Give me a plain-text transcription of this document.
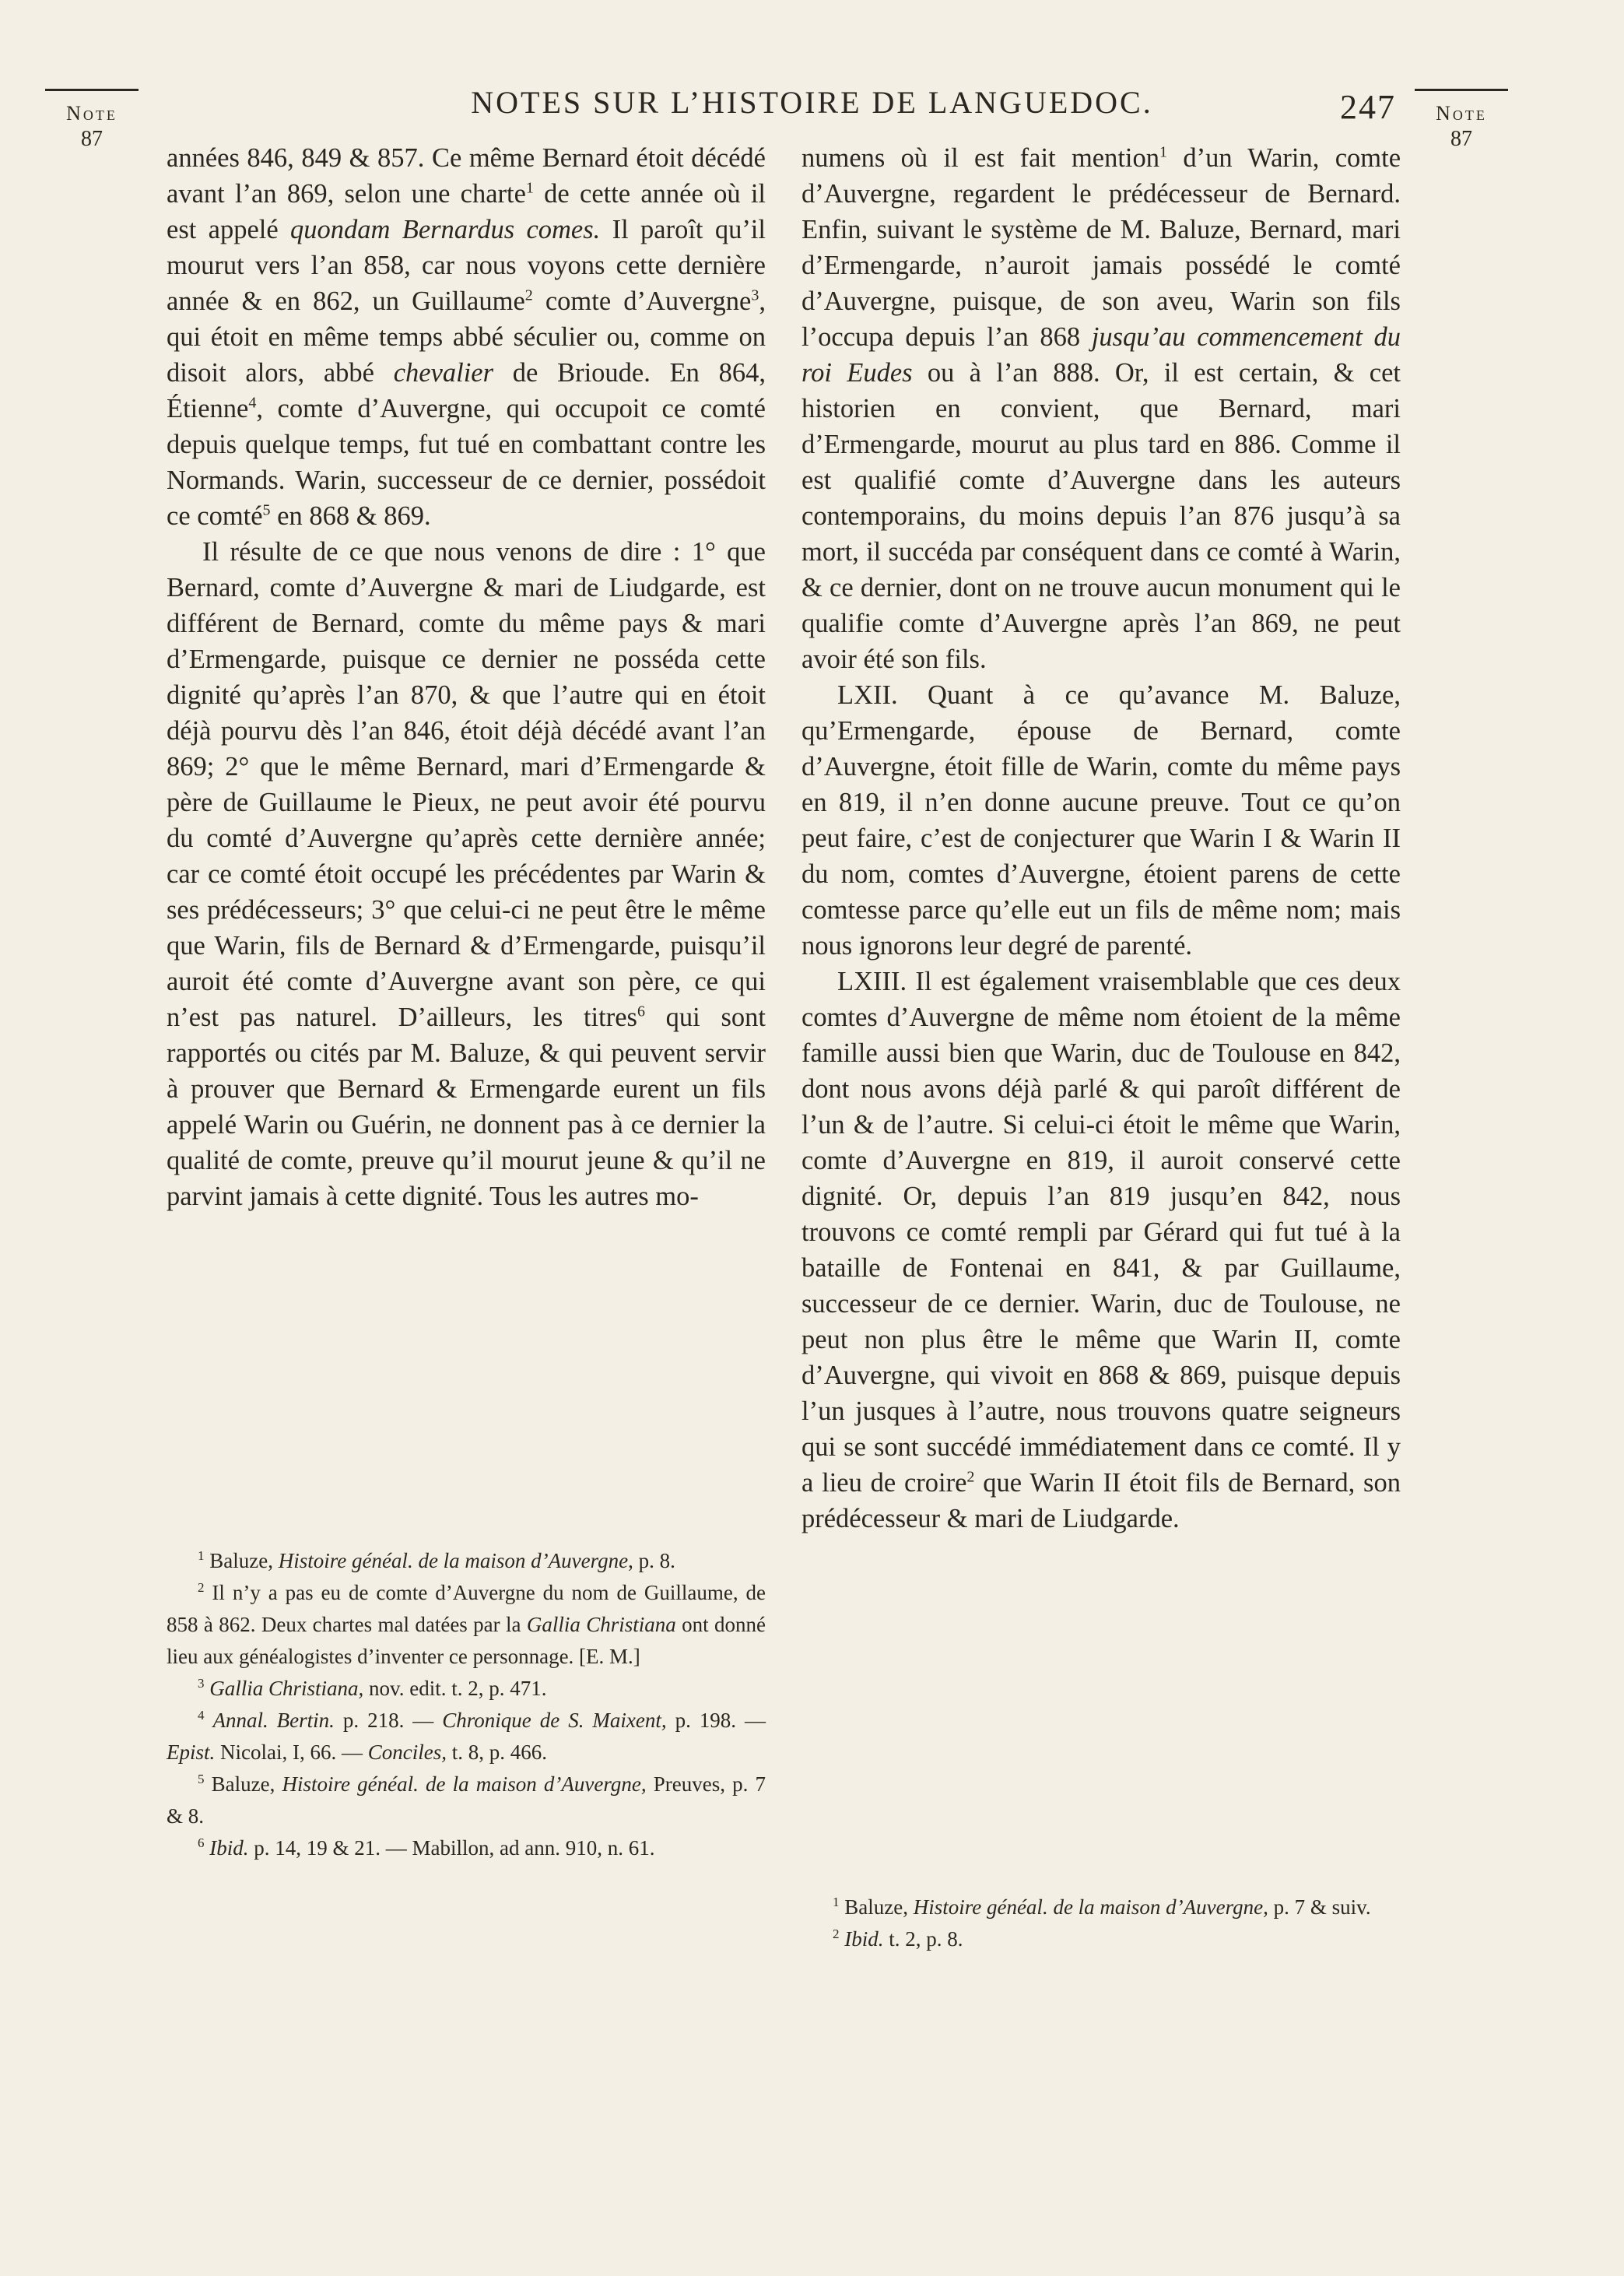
Note
87
NOTES SUR L’HISTOIRE DE LANGUEDOC.	247	Note
87

années 846, 849 & 857. Ce même Bernard étoit décédé avant l’an 869, selon une charte$^1$ de cette année où il est appelé quondam Bernardus comes. Il paroît qu’il mourut vers l’an 858, car nous voyons cette dernière année & en 862, un Guillaume$^2$ comte d’Auvergne$^3$, qui étoit en même temps abbé séculier ou, comme on disoit alors, abbé chevalier de Brioude. En 864, Étienne$^4$, comte d’Auvergne, qui occupoit ce comté depuis quelque temps, fut tué en combattant contre les Normands. Warin, successeur de ce dernier, possédoit ce comté$^5$ en 868 & 869.

Il résulte de ce que nous venons de dire : 1° que Bernard, comte d’Auvergne & mari de Liudgarde, est différent de Bernard, comte du même pays & mari d’Ermengarde, puisque ce dernier ne posséda cette dignité qu’après l’an 870, & que l’autre qui en étoit déjà pourvu dès l’an 846, étoit déjà décédé avant l’an 869; 2° que le même Bernard, mari d’Ermengarde & père de Guillaume le Pieux, ne peut avoir été pourvu du comté d’Auvergne qu’après cette dernière année; car ce comté étoit occupé les précédentes par Warin & ses prédécesseurs; 3° que celui-ci ne peut être le même que Warin, fils de Bernard & d’Ermengarde, puisqu’il auroit été comte d’Auvergne avant son père, ce qui n’est pas naturel. D’ailleurs, les titres$^6$ qui sont rapportés ou cités par M. Baluze, & qui peuvent servir à prouver que Bernard & Ermengarde eurent un fils appelé Warin ou Guérin, ne donnent pas à ce dernier la qualité de comte, preuve qu’il mourut jeune & qu’il ne parvint jamais à cette dignité. Tous les autres mo-

$^1$ Baluze, Histoire généal. de la maison d’Auvergne, p. 8.

$^2$ Il n’y a pas eu de comte d’Auvergne du nom de Guillaume, de 858 à 862. Deux chartes mal datées par la Gallia Christiana ont donné lieu aux généalogistes d’inventer ce personnage. [E. M.]

$^3$ Gallia Christiana, nov. edit. t. 2, p. 471.

$^4$ Annal. Bertin. p. 218. — Chronique de S. Maixent, p. 198. — Epist. Nicolai, I, 66. — Conciles, t. 8, p. 466.

$^5$ Baluze, Histoire généal. de la maison d’Auvergne, Preuves, p. 7 & 8.

$^6$ Ibid. p. 14, 19 & 21. — Mabillon, ad ann. 910, n. 61.

numens où il est fait mention$^1$ d’un Warin, comte d’Auvergne, regardent le prédécesseur de Bernard. Enfin, suivant le système de M. Baluze, Bernard, mari d’Ermengarde, n’auroit jamais possédé le comté d’Auvergne, puisque, de son aveu, Warin son fils l’occupa depuis l’an 868 jusqu’au commencement du roi Eudes ou à l’an 888. Or, il est certain, & cet historien en convient, que Bernard, mari d’Ermengarde, mourut au plus tard en 886. Comme il est qualifié comte d’Auvergne dans les auteurs contemporains, du moins depuis l’an 876 jusqu’à sa mort, il succéda par conséquent dans ce comté à Warin, & ce dernier, dont on ne trouve aucun monument qui le qualifie comte d’Auvergne après l’an 869, ne peut avoir été son fils.

LXII. Quant à ce qu’avance M. Baluze, qu’Ermengarde, épouse de Bernard, comte d’Auvergne, étoit fille de Warin, comte du même pays en 819, il n’en donne aucune preuve. Tout ce qu’on peut faire, c’est de conjecturer que Warin I & Warin II du nom, comtes d’Auvergne, étoient parens de cette comtesse parce qu’elle eut un fils de même nom; mais nous ignorons leur degré de parenté.

LXIII. Il est également vraisemblable que ces deux comtes d’Auvergne de même nom étoient de la même famille aussi bien que Warin, duc de Toulouse en 842, dont nous avons déjà parlé & qui paroît différent de l’un & de l’autre. Si celui-ci étoit le même que Warin, comte d’Auvergne en 819, il auroit conservé cette dignité. Or, depuis l’an 819 jusqu’en 842, nous trouvons ce comté rempli par Gérard qui fut tué à la bataille de Fontenai en 841, & par Guillaume, successeur de ce dernier. Warin, duc de Toulouse, ne peut non plus être le même que Warin II, comte d’Auvergne, qui vivoit en 868 & 869, puisque depuis l’un jusques à l’autre, nous trouvons quatre seigneurs qui se sont succédé immédiatement dans ce comté. Il y a lieu de croire$^2$ que Warin II étoit fils de Bernard, son prédécesseur & mari de Liudgarde.

$^1$ Baluze, Histoire généal. de la maison d’Auvergne, p. 7 & suiv.

$^2$ Ibid. t. 2, p. 8.
